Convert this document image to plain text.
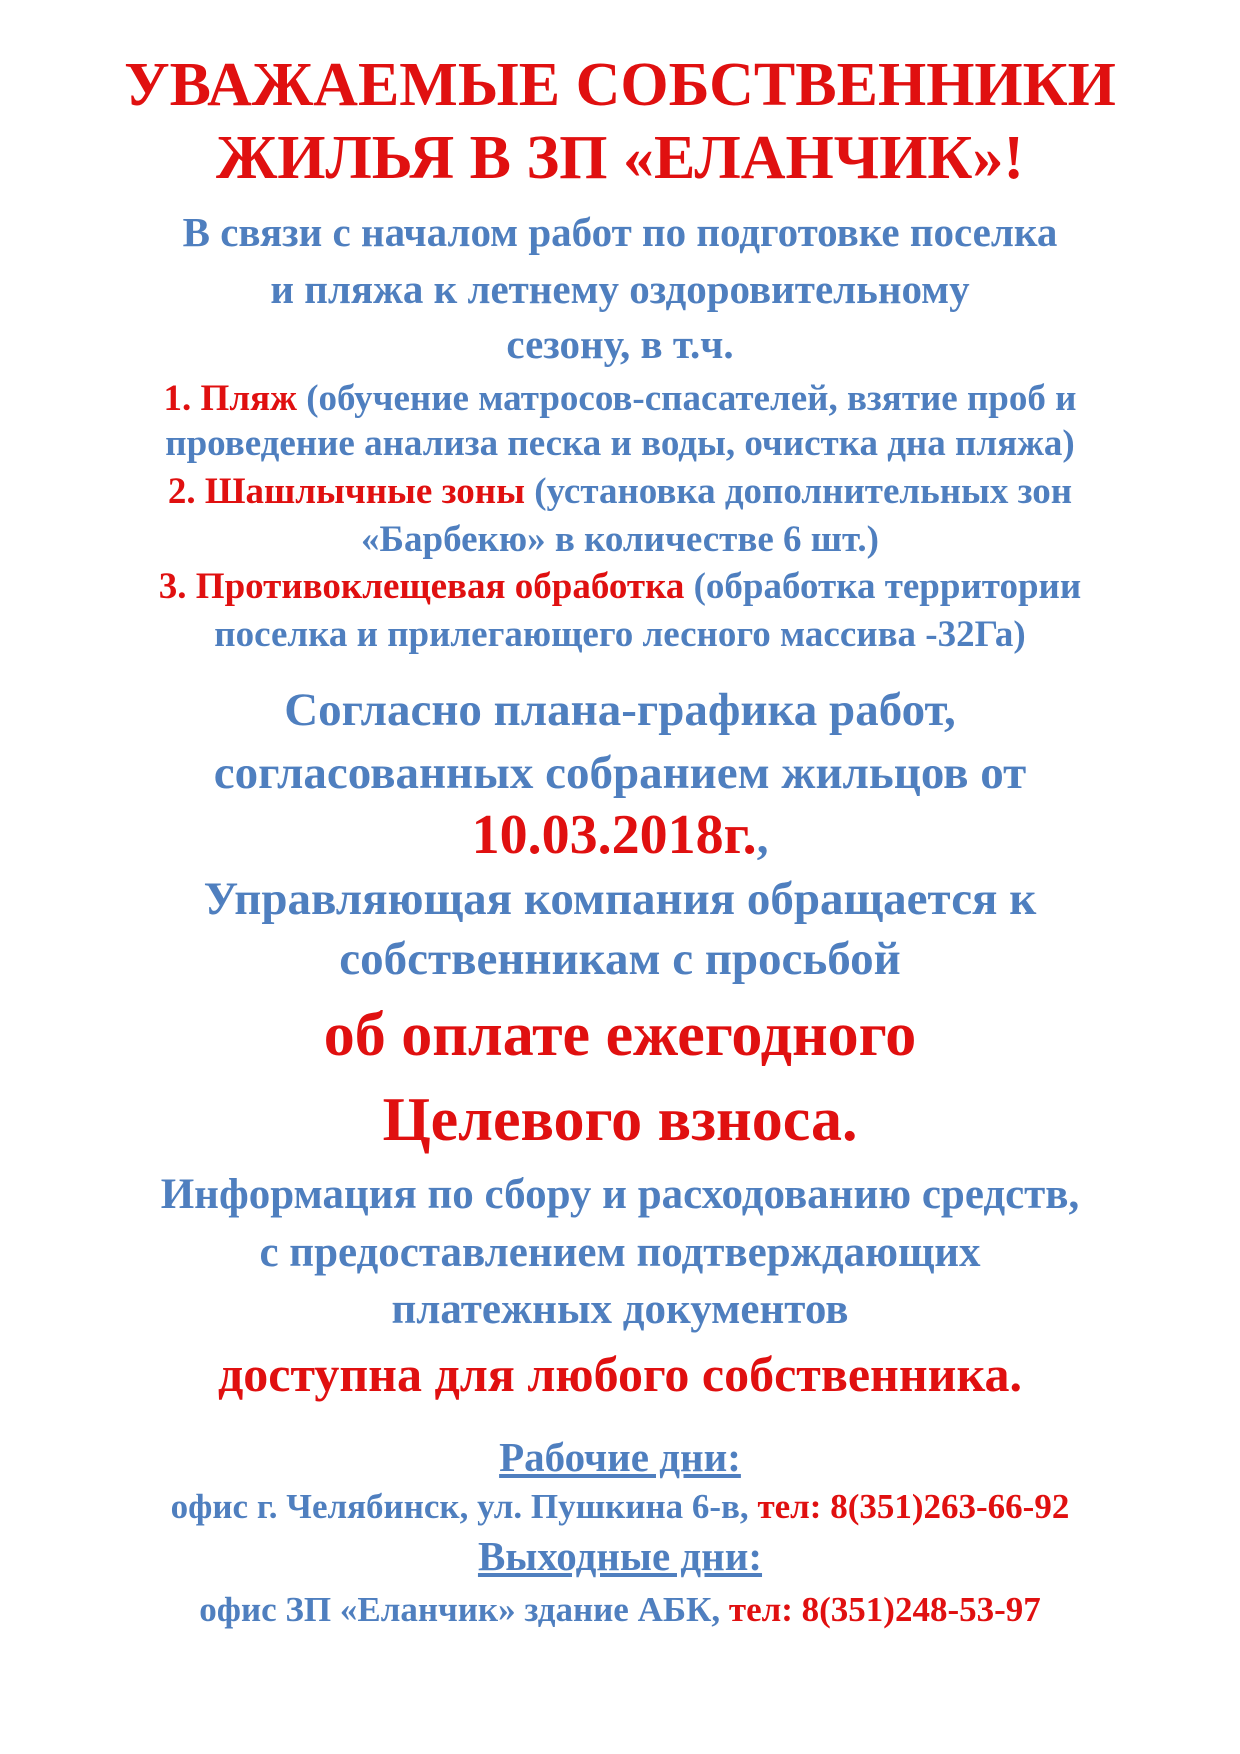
УВАЖАЕМЫЕ СОБСТВЕННИКИ
ЖИЛЬЯ В ЗП «ЕЛАНЧИК»!
В связи с началом работ по подготовке поселка
и пляжа к летнему оздоровительному
сезону, в т.ч.
1. Пляж (обучение матросов-спасателей, взятие проб и
проведение анализа песка и воды, очистка дна пляжа)
2. Шашлычные зоны (установка дополнительных зон
«Барбекю» в количестве 6 шт.)
3. Противоклещевая обработка (обработка территории
поселка и прилегающего лесного массива -32Га)
Согласно плана-графика работ,
согласованных собранием жильцов от
10.03.2018г.,
Управляющая компания обращается к
собственникам с просьбой
об оплате ежегодного
Целевого взноса.
Информация по сбору и расходованию средств,
с предоставлением подтверждающих
платежных документов
доступна для любого собственника.
Рабочие дни:
офис г. Челябинск, ул. Пушкина 6-в, тел: 8(351)263-66-92
Выходные дни:
офис ЗП «Еланчик» здание АБК, тел: 8(351)248-53-97
